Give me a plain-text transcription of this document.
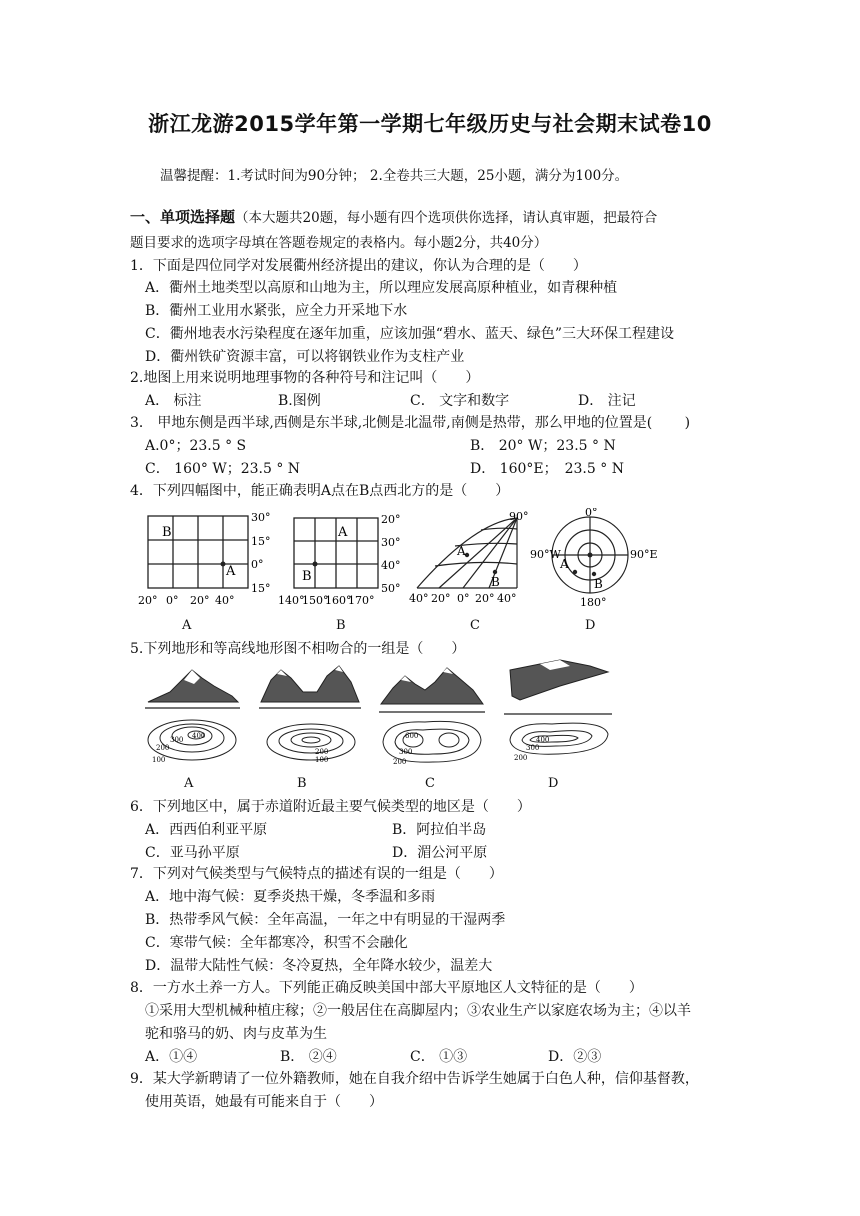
浙江龙游2015学年第一学期七年级历史与社会期末试卷10
温馨提醒：1.考试时间为90分钟； 2.全卷共三大题，25小题，满分为100分。
一、单项选择题（本大题共20题，每小题有四个选项供你选择，请认真审题，把最符合
题目要求的选项字母填在答题卷规定的表格内。每小题2分，共40分）
1．下面是四位同学对发展衢州经济提出的建议，你认为合理的是（　　）
A．衢州土地类型以高原和山地为主，所以理应发展高原种植业，如青稞种植
B．衢州工业用水紧张，应全力开采地下水
C．衢州地表水污染程度在逐年加重，应该加强“碧水、蓝天、绿色”三大环保工程建设
D．衢州铁矿资源丰富，可以将钢铁业作为支柱产业
2.地图上用来说明地理事物的各种符号和注记叫（　　）
A． 标注	B.图例	C． 文字和数字	D． 注记
3． 甲地东侧是西半球,西侧是东半球,北侧是北温带,南侧是热带，那么甲地的位置是(　　 )
A.0°；23.5 ° S	B． 20° W；23.5 ° N
C． 160° W；23.5 ° N	D． 160°E；　23.5 ° N
4．下列四幅图中，能正确表明A点在B点西北方的是（　　）
B
A
30°
15°
0°
15°
20° 0° 20° 40°
A
B
20°
30°
40°
50°
140°
150°
160°
170°
A
B
90°
40° 20° 0° 20° 40°
A
B
0°
90°W	90°E
180°
A	B	C	D
5.下列地形和等高线地形图不相吻合的一组是（　　）
400
300
200
100
200
100
600
300
200
400
300
200
A	B	C	D
6．下列地区中，属于赤道附近最主要气候类型的地区是（　　）
A．西西伯利亚平原	B．阿拉伯半岛
C．亚马孙平原	D．湄公河平原
7．下列对气候类型与气候特点的描述有误的一组是（　　）
A．地中海气候：夏季炎热干燥，冬季温和多雨
B．热带季风气候：全年高温，一年之中有明显的干湿两季
C．寒带气候：全年都寒冷，积雪不会融化
D．温带大陆性气候：冬冷夏热，全年降水较少，温差大
8．一方水土养一方人。下列能正确反映美国中部大平原地区人文特征的是（　　）
①采用大型机械种植庄稼；②一般居住在高脚屋内；③农业生产以家庭农场为主；④以羊
驼和骆马的奶、肉与皮革为生
A．①④	B． ②④	C． ①③	D．②③
9．某大学新聘请了一位外籍教师，她在自我介绍中告诉学生她属于白色人种，信仰基督教，
使用英语，她最有可能来自于（　　）
